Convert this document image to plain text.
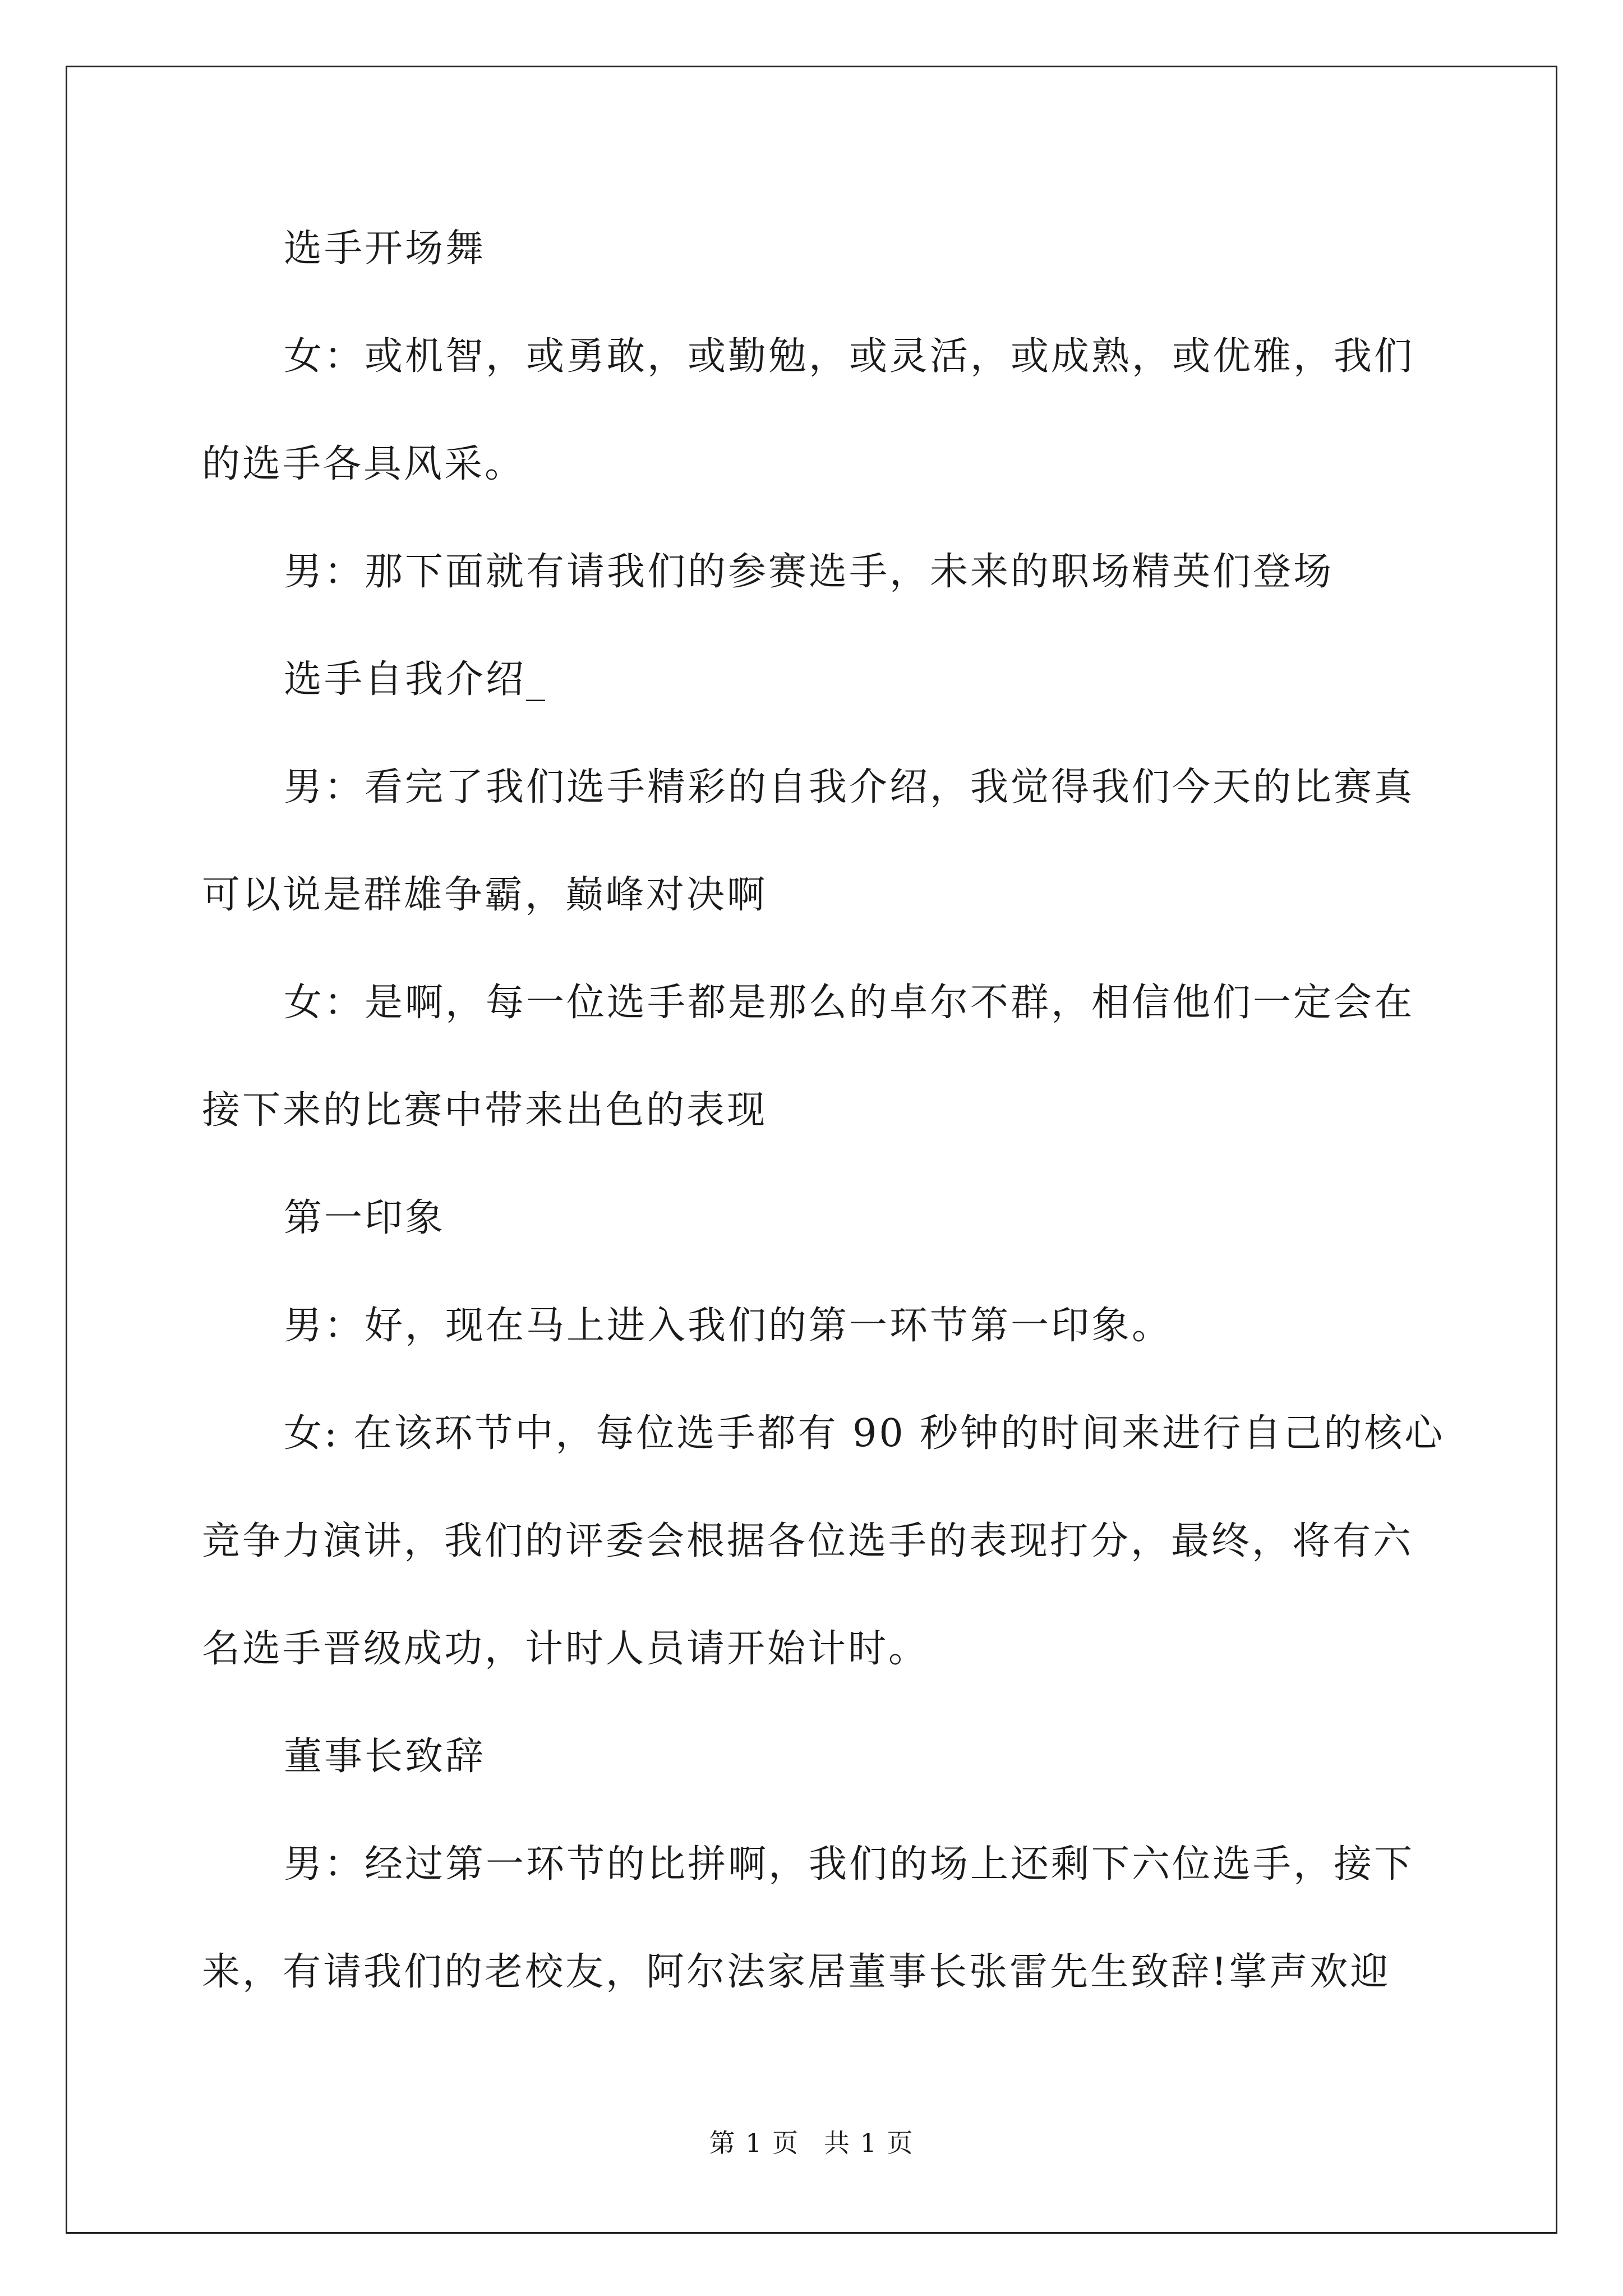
选手开场舞
女：或机智，或勇敢，或勤勉，或灵活，或成熟，或优雅，我们
的选手各具风采。
男：那下面就有请我们的参赛选手，未来的职场精英们登场
选手自我介绍_
男：看完了我们选手精彩的自我介绍，我觉得我们今天的比赛真
可以说是群雄争霸，巅峰对决啊
女：是啊，每一位选手都是那么的卓尔不群，相信他们一定会在
接下来的比赛中带来出色的表现
第一印象
男：好，现在马上进入我们的第一环节第一印象。
女: 在该环节中，每位选手都有 90 秒钟的时间来进行自己的核心
竞争力演讲，我们的评委会根据各位选手的表现打分，最终，将有六
名选手晋级成功，计时人员请开始计时。
董事长致辞
男：经过第一环节的比拼啊，我们的场上还剩下六位选手，接下
来，有请我们的老校友，阿尔法家居董事长张雷先生致辞!掌声欢迎
第 1 页 共 1 页
